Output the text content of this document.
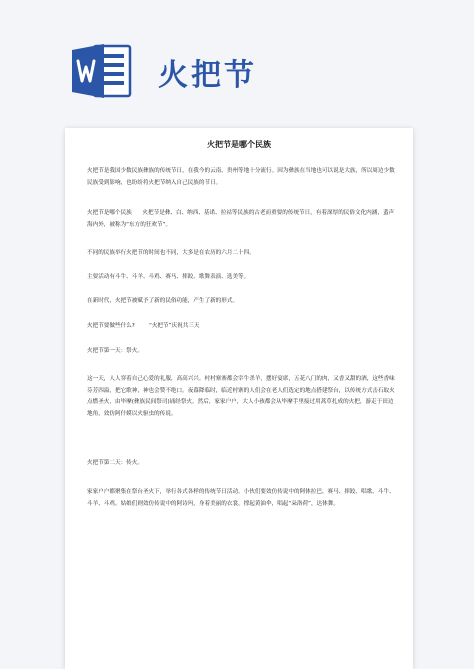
火把节
火把节是哪个民族
火把节是我国少数民族彝族的传统节日，在我今的云南、贵州等地十分流行。因为彝族在当地也可以说是大族，所以周边少数民族受到影响，也纷纷将火把节纳入自己民族的节日。
火把节是哪个民族      火把节是彝、白、纳西、基诺、拉祜等民族的古老而重要的传统节日，有着深厚的民俗文化内涵，蜚声海内外，被称为“东方的狂欢节”。
不同的民族举行火把节的时间也不同，大多是在农历的六月二十四。
主要活动有斗牛、斗羊、斗鸡、赛马、摔跤、歌舞表演、选美等。
在新时代，火把节被赋予了新的民俗功能，产生了新的形式。
火把节要做些什么?        “火把节”庆祝共三天
火把节第一天：祭火。
这一天，人人穿着自己心爱的礼服，高高兴兴。村村寨寨都会宰牛杀羊，摆好宴席，五花八门的肉，又香又甜的酒，这些香味芬芳四溢，把它歌神，神也会赞不绝口。夜幕降临时，临近村寨的人们会在老人们选定的地点搭建祭台，以传统方式击石取火点燃圣火，由毕摩(彝族民间祭司)诵经祭火。然后，家家户户，大人小孩都会从毕摩手里接过用蒿草扎成的火把，游走于田边地角，效仿阿什嫫以火驱虫的传说。
火把节第二天：传火。
家家户户都聚集在祭台圣火下，举行各式各样的传统节日活动。小伙们要效仿传说中的阿体拉巴，赛马、摔跤、唱歌、斗牛、斗羊、斗鸡。姑娘们则效仿传说中的阿诗玛，身着美丽的衣裳，撑起黄油伞，唱起“朵洛荷”，达体舞。
